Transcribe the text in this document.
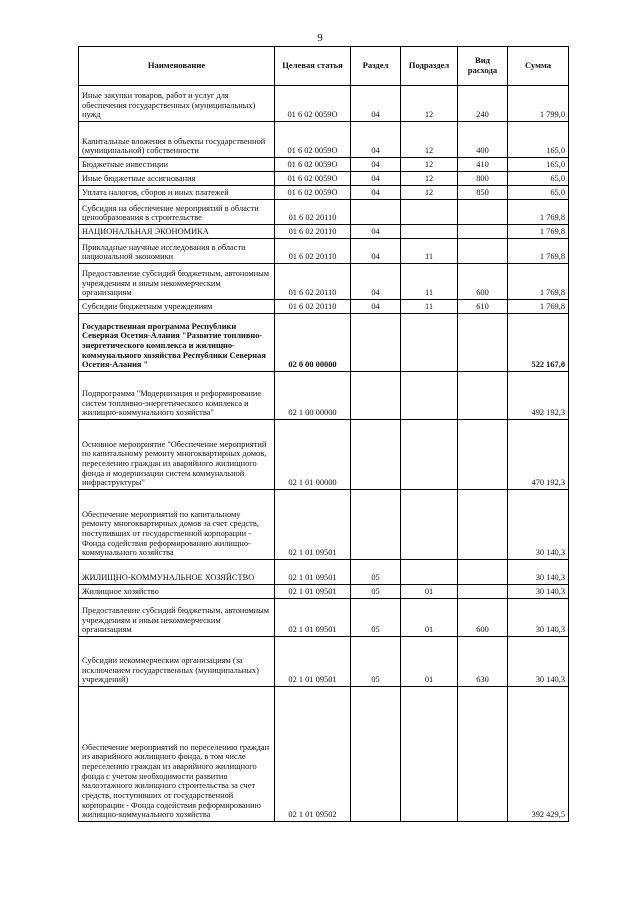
9
Наименование	Целевая статья	Раздел	Подраздел	Вид расхода	Сумма
Иные закупки товаров, работ и услуг для обеспечения государственных (муниципальных) нужд	01 6 02 0059O	04	12	240	1 799,0
Капитальные вложения в объекты государственной (муниципальной) собственности	01 6 02 0059O	04	12	400	165,0
Бюджетные инвестиции	01 6 02 0059O	04	12	410	165,0
Иные бюджетные ассигнования	01 6 02 0059O	04	12	800	65,0
Уплата налогов, сборов и иных платежей	01 6 02 0059O	04	12	850	65,0
Субсидия на обеспечение мероприятий в области ценообразования в строительстве	01 6 02 20110				1 769,8
НАЦИОНАЛЬНАЯ ЭКОНОМИКА	01 6 02 20110	04			1 769,8
Прикладные научные исследования в области национальной экономики	01 6 02 20110	04	11		1 769,8
Предоставление субсидий бюджетным, автономным учреждениям и иным некоммерческим организациям	01 6 02 20110	04	11	600	1 769,8
Субсидии бюджетным учреждениям	01 6 02 20110	04	11	610	1 769,8
Государственная программа Республики Северная Осетия-Алания "Развитие топливно-энергетического комплекса и жилищно-коммунального хозяйства Республики Северная Осетия-Алания "	02 0 00 00000				522 167,0
Подпрограмма "Модернизация и реформирование систем топливно-энергетического комплекса и жилищно-коммунального хозяйства"	02 1 00 00000				492 192,3
Основное мероприятие "Обеспечение мероприятий по капитальному ремонту многоквартирных домов, переселению граждан из аварийного жилищного фонда и модернизации систем коммунальной инфраструктуры"	02 1 01 00000				470 192,3
Обеспечение мероприятий по капитальному ремонту многоквартирных домов за счет средств, поступивших от государственной корпорации - Фонда содействия реформированию жилищно-коммунального хозяйства	02 1 01 09501				30 140,3
ЖИЛИЩНО-КОММУНАЛЬНОЕ ХОЗЯЙСТВО	02 1 01 09501	05			30 140,3
Жилищное хозяйство	02 1 01 09501	05	01		30 140,3
Предоставление субсидий бюджетным, автономным учреждениям и иным некоммерческим организациям	02 1 01 09501	05	01	600	30 140,3
Субсидии некоммерческим организациям (за исключением государственных (муниципальных) учреждений)	02 1 01 09501	05	01	630	30 140,3
Обеспечение мероприятий по переселению граждан из аварийного жилищного фонда, в том числе переселению граждан из аварийного жилищного фонда с учетом необходимости развития малоэтажного жилищного строительства за счет средств, поступивших от государственной корпорации - Фонда содействия реформированию жилищно-коммунального хозяйства	02 1 01 09502				392 429,5
